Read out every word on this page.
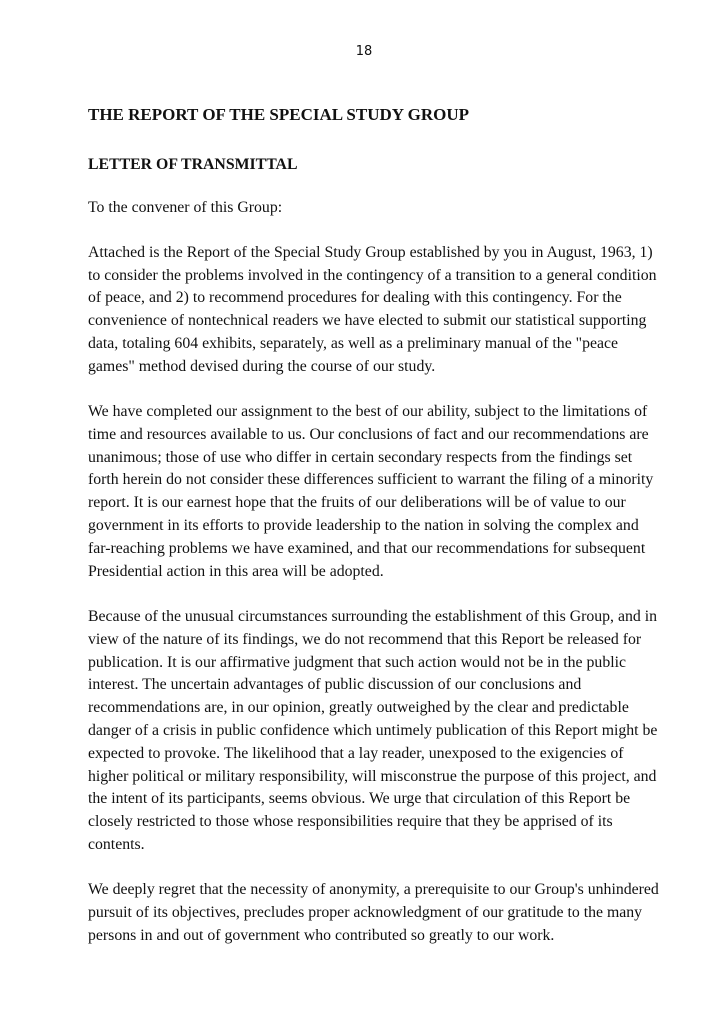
18
THE REPORT OF THE SPECIAL STUDY GROUP
LETTER OF TRANSMITTAL

To the convener of this Group:

Attached is the Report of the Special Study Group established by you in August, 1963, 1) to consider the problems involved in the contingency of a transition to a general condition of peace, and 2) to recommend procedures for dealing with this contingency. For the convenience of nontechnical readers we have elected to submit our statistical supporting data, totaling 604 exhibits, separately, as well as a preliminary manual of the "peace games" method devised during the course of our study.

We have completed our assignment to the best of our ability, subject to the limitations of time and resources available to us. Our conclusions of fact and our recommendations are unanimous; those of use who differ in certain secondary respects from the findings set forth herein do not consider these differences sufficient to warrant the filing of a minority report. It is our earnest hope that the fruits of our deliberations will be of value to our government in its efforts to provide leadership to the nation in solving the complex and far-reaching problems we have examined, and that our recommendations for subsequent Presidential action in this area will be adopted.

Because of the unusual circumstances surrounding the establishment of this Group, and in view of the nature of its findings, we do not recommend that this Report be released for publication. It is our affirmative judgment that such action would not be in the public interest. The uncertain advantages of public discussion of our conclusions and recommendations are, in our opinion, greatly outweighed by the clear and predictable danger of a crisis in public confidence which untimely publication of this Report might be expected to provoke. The likelihood that a lay reader, unexposed to the exigencies of higher political or military responsibility, will misconstrue the purpose of this project, and the intent of its participants, seems obvious. We urge that circulation of this Report be closely restricted to those whose responsibilities require that they be apprised of its contents.

We deeply regret that the necessity of anonymity, a prerequisite to our Group's unhindered pursuit of its objectives, precludes proper acknowledgment of our gratitude to the many persons in and out of government who contributed so greatly to our work.
